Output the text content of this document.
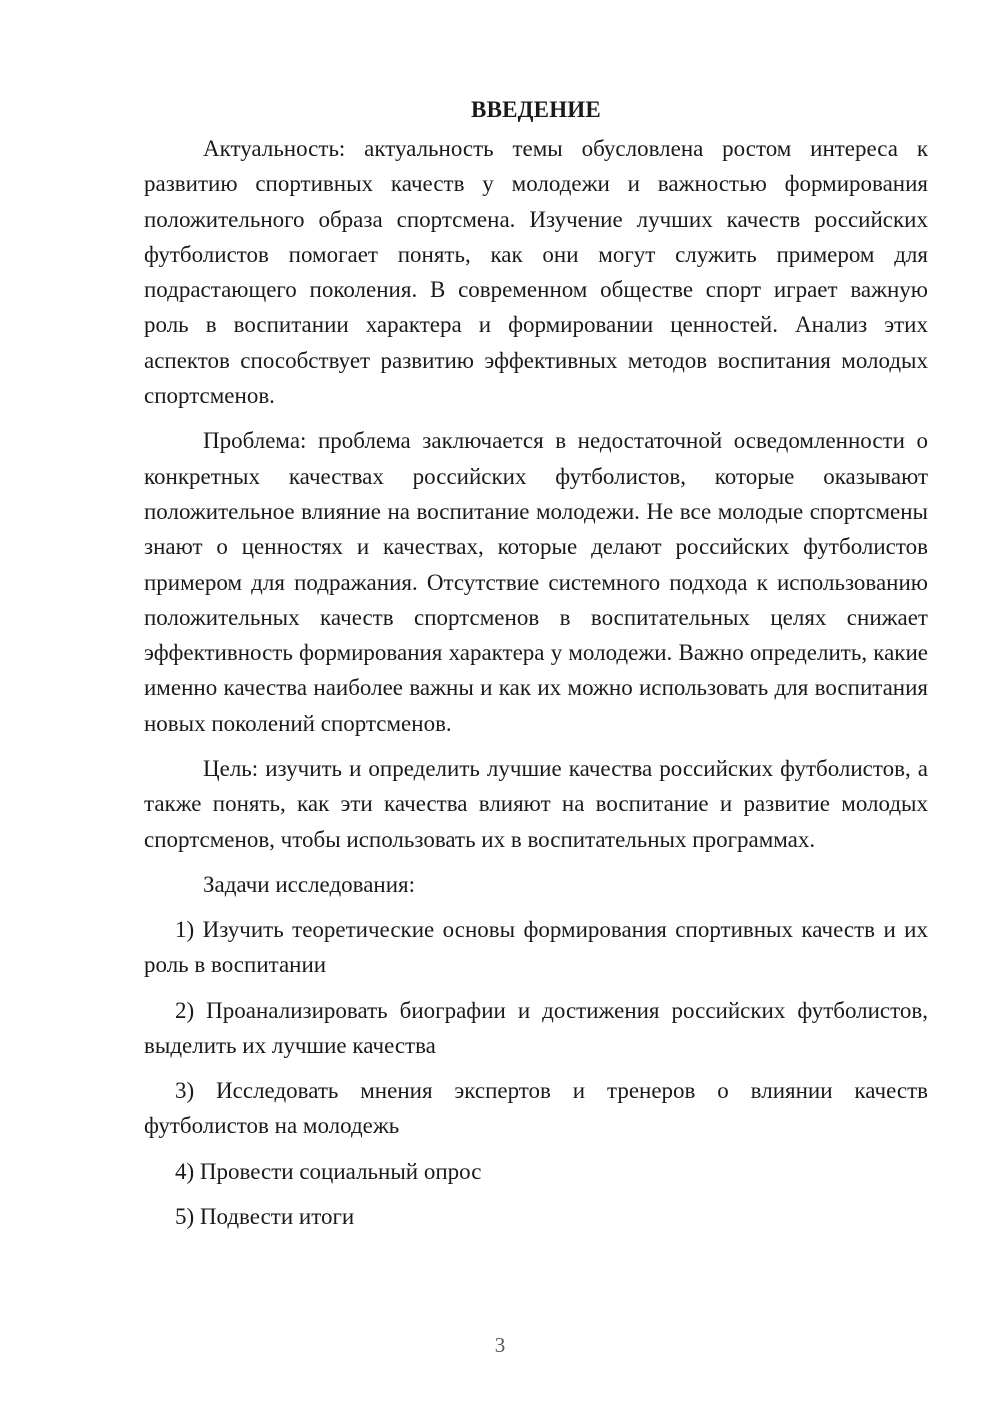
ВВЕДЕНИЕ

Актуальность: актуальность темы обусловлена ростом интереса к развитию спортивных качеств у молодежи и важностью формирования положительного образа спортсмена. Изучение лучших качеств российских футболистов помогает понять, как они могут служить примером для подрастающего поколения. В современном обществе спорт играет важную роль в воспитании характера и формировании ценностей. Анализ этих аспектов способствует развитию эффективных методов воспитания молодых спортсменов.

Проблема: проблема заключается в недостаточной осведомленности о конкретных качествах российских футболистов, которые оказывают положительное влияние на воспитание молодежи. Не все молодые спортсмены знают о ценностях и качествах, которые делают российских футболистов примером для подражания. Отсутствие системного подхода к использованию положительных качеств спортсменов в воспитательных целях снижает эффективность формирования характера у молодежи. Важно определить, какие именно качества наиболее важны и как их можно использовать для воспитания новых поколений спортсменов.

Цель: изучить и определить лучшие качества российских футболистов, а также понять, как эти качества влияют на воспитание и развитие молодых спортсменов, чтобы использовать их в воспитательных программах.

Задачи исследования:

1) Изучить теоретические основы формирования спортивных качеств и их роль в воспитании

2) Проанализировать биографии и достижения российских футболистов, выделить их лучшие качества

3) Исследовать мнения экспертов и тренеров о влиянии качеств футболистов на молодежь

4) Провести социальный опрос

5) Подвести итоги

3
